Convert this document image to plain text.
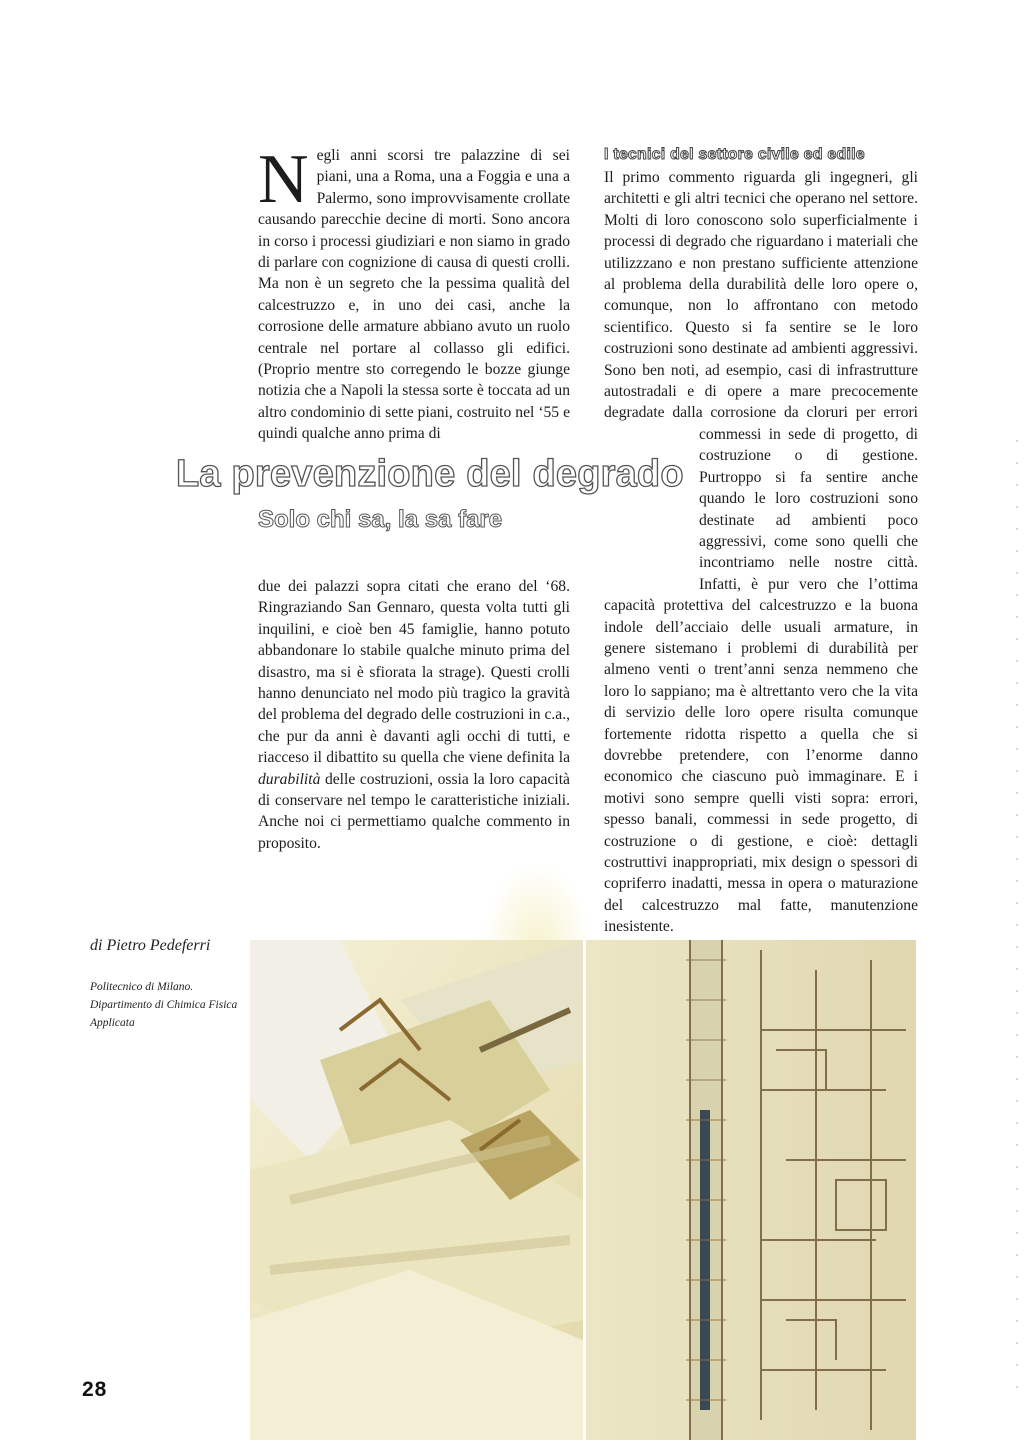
Negli anni scorsi tre palazzine di sei piani, una a Roma, una a Foggia e una a Palermo, sono improvvisamente crollate causando parecchie decine di morti. Sono ancora in corso i processi giudiziari e non siamo in grado di parlare con cognizione di causa di questi crolli. Ma non è un segreto che la pessima qualità del calcestruzzo e, in uno dei casi, anche la corrosione delle armature abbiano avuto un ruolo centrale nel portare al collasso gli edifici. (Proprio mentre sto corregendo le bozze giunge notizia che a Napoli la stessa sorte è toccata ad un altro condominio di sette piani, costruito nel ‘55 e quindi qualche anno prima di

La prevenzione del degrado
Solo chi sa, la sa fare

due dei palazzi sopra citati che erano del ‘68. Ringraziando San Gennaro, questa volta tutti gli inquilini, e cioè ben 45 famiglie, hanno potuto abbandonare lo stabile qualche minuto prima del disastro, ma si è sfiorata la strage). Questi crolli hanno denunciato nel modo più tragico la gravità del problema del degrado delle costruzioni in c.a., che pur da anni è davanti agli occhi di tutti, e riacceso il dibattito su quella che viene definita la durabilità delle costruzioni, ossia la loro capacità di conservare nel tempo le caratteristiche iniziali. Anche noi ci permettiamo qualche commento in proposito.

I tecnici del settore civile ed edile

Il primo commento riguarda gli ingegneri, gli architetti e gli altri tecnici che operano nel settore. Molti di loro conoscono solo superficialmente i processi di degrado che riguardano i materiali che utilizzzano e non prestano sufficiente attenzione al problema della durabilità delle loro opere o, comunque, non lo affrontano con metodo scientifico. Questo si fa sentire se le loro costruzioni sono destinate ad ambienti aggressivi. Sono ben noti, ad esempio, casi di infrastrutture autostradali e di opere a mare precocemente degradate dalla corrosione da cloruri per errori commessi in sede di progetto, di costruzione o di gestione. Purtroppo si fa sentire anche quando le loro costruzioni sono destinate ad ambienti poco aggressivi, come sono quelli che incontriamo nelle nostre città. Infatti, è pur vero che l’ottima capacità protettiva del calcestruzzo e la buona indole dell’acciaio delle usuali armature, in genere sistemano i problemi di durabilità per almeno venti o trent’anni senza nemmeno che loro lo sappiano; ma è altrettanto vero che la vita di servizio delle loro opere risulta comunque fortemente ridotta rispetto a quella che si dovrebbe pretendere, con l’enorme danno economico che ciascuno può immaginare. E i motivi sono sempre quelli visti sopra: errori, spesso banali, commessi in sede progetto, di costruzione o di gestione, e cioè: dettagli costruttivi inappropriati, mix design o spessori di copriferro inadatti, messa in opera o maturazione del calcestruzzo mal fatte, manutenzione inesistente.

di Pietro Pedeferri
Politecnico di Milano.
Dipartimento di Chimica Fisica Applicata
28
